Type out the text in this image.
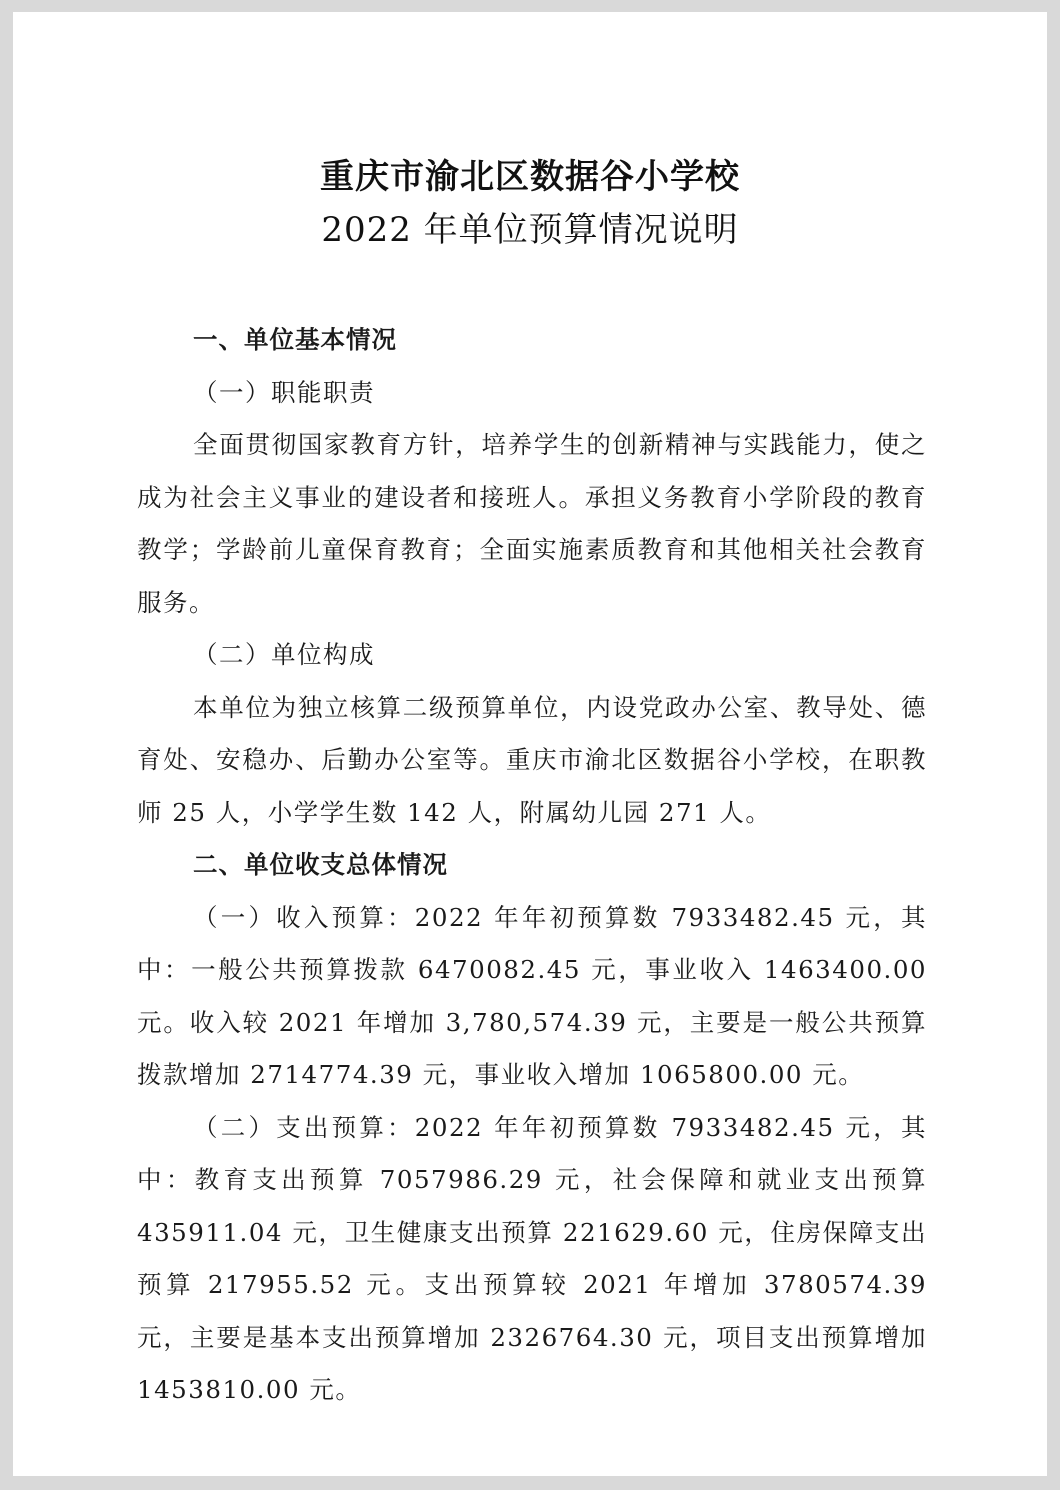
重庆市渝北区数据谷小学校
2022 年单位预算情况说明
一、单位基本情况
（一）职能职责
全面贯彻国家教育方针，培养学生的创新精神与实践能力，使之成为社会主义事业的建设者和接班人。承担义务教育小学阶段的教育教学；学龄前儿童保育教育；全面实施素质教育和其他相关社会教育服务。
（二）单位构成
本单位为独立核算二级预算单位，内设党政办公室、教导处、德育处、安稳办、后勤办公室等。重庆市渝北区数据谷小学校，在职教师 25 人，小学学生数 142 人，附属幼儿园 271 人。
二、单位收支总体情况
（一）收入预算：2022 年年初预算数 7933482.45 元，其中：一般公共预算拨款 6470082.45 元，事业收入 1463400.00 元。收入较 2021 年增加 3,780,574.39 元，主要是一般公共预算拨款增加 2714774.39 元，事业收入增加 1065800.00 元。
（二）支出预算：2022 年年初预算数 7933482.45 元，其中：教育支出预算 7057986.29 元，社会保障和就业支出预算 435911.04 元，卫生健康支出预算 221629.60 元，住房保障支出预算 217955.52 元。支出预算较 2021 年增加 3780574.39 元，主要是基本支出预算增加 2326764.30 元，项目支出预算增加 1453810.00 元。
